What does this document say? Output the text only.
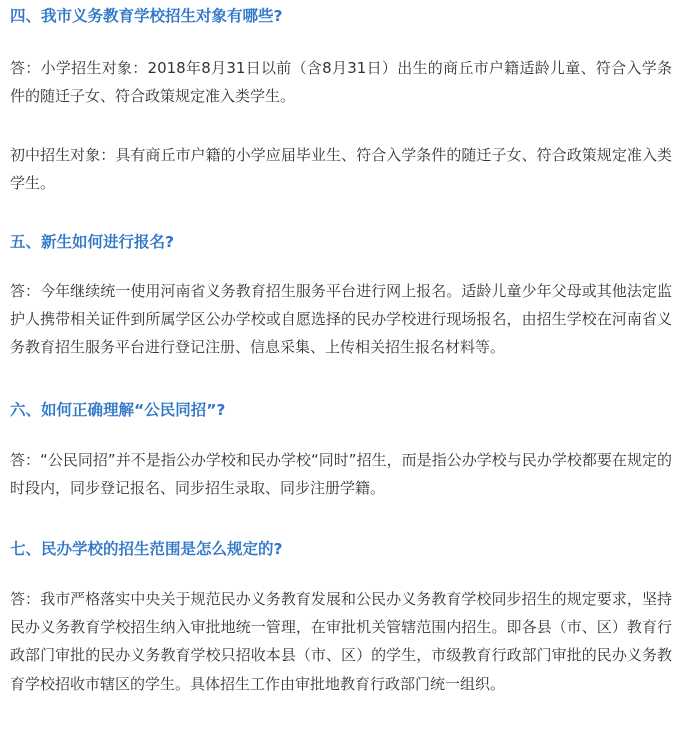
四、我市义务教育学校招生对象有哪些?

答：小学招生对象：2018年8月31日以前（含8月31日）出生的商丘市户籍适龄儿童、符合入学条件的随迁子女、符合政策规定准入类学生。

初中招生对象：具有商丘市户籍的小学应届毕业生、符合入学条件的随迁子女、符合政策规定准入类学生。

五、新生如何进行报名?

答：今年继续统一使用河南省义务教育招生服务平台进行网上报名。适龄儿童少年父母或其他法定监护人携带相关证件到所属学区公办学校或自愿选择的民办学校进行现场报名，由招生学校在河南省义务教育招生服务平台进行登记注册、信息采集、上传相关招生报名材料等。

六、如何正确理解“公民同招”?

答：“公民同招”并不是指公办学校和民办学校“同时”招生，而是指公办学校与民办学校都要在规定的时段内，同步登记报名、同步招生录取、同步注册学籍。

七、民办学校的招生范围是怎么规定的?

答：我市严格落实中央关于规范民办义务教育发展和公民办义务教育学校同步招生的规定要求，坚持民办义务教育学校招生纳入审批地统一管理，在审批机关管辖范围内招生。即各县（市、区）教育行政部门审批的民办义务教育学校只招收本县（市、区）的学生，市级教育行政部门审批的民办义务教育学校招收市辖区的学生。具体招生工作由审批地教育行政部门统一组织。
